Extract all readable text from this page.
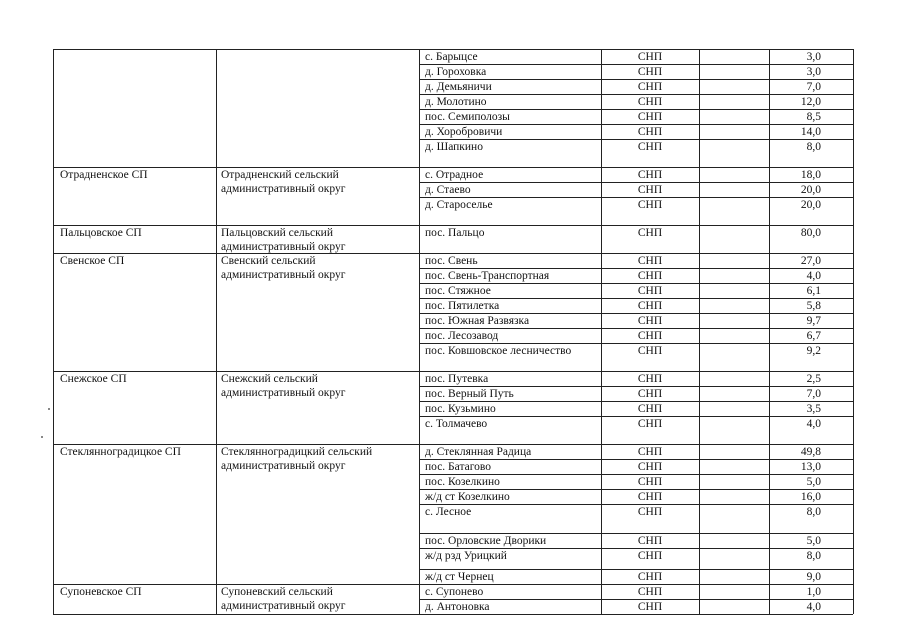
с. Барыцсе	СНП	3,0
д. Гороховка	СНП	3,0
д. Демьяничи	СНП	7,0
д. Молотино	СНП	12,0
пос. Семиполозы	СНП	8,5
д. Хоробровичи	СНП	14,0
д. Шапкино	СНП	8,0
Отрадненское СП	Отрадненский сельский
административный округ
с. Отрадное	СНП	18,0
д. Стаево	СНП	20,0
д. Староселье	СНП	20,0
Пальцовское СП	Пальцовский сельский
административный округ
пос. Пальцо	СНП	80,0
Свенское СП	Свенский сельский
административный округ
пос. Свень	СНП	27,0
пос. Свень-Транспортная	СНП	4,0
пос. Стяжное	СНП	6,1
пос. Пятилетка	СНП	5,8
пос. Южная Развязка	СНП	9,7
пос. Лесозавод	СНП	6,7
пос. Ковшовское лесничество	СНП	9,2
Снежское СП	Снежский сельский
административный округ
пос. Путевка	СНП	2,5
пос. Верный Путь	СНП	7,0
пос. Кузьмино	СНП	3,5
с. Толмачево	СНП	4,0
Стеклянноградицкое СП	Стеклянноградицкий сельский
административный округ
д. Стеклянная Радица	СНП	49,8
пос. Батагово	СНП	13,0
пос. Козелкино	СНП	5,0
ж/д ст Козелкино	СНП	16,0
с. Лесное	СНП	8,0
пос. Орловские Дворики	СНП	5,0
ж/д рзд Урицкий	СНП	8,0
ж/д ст Чернец	СНП	9,0
Супоневское СП	Супоневский сельский
административный округ
с. Супонево	СНП	1,0
д. Антоновка	СНП	4,0
